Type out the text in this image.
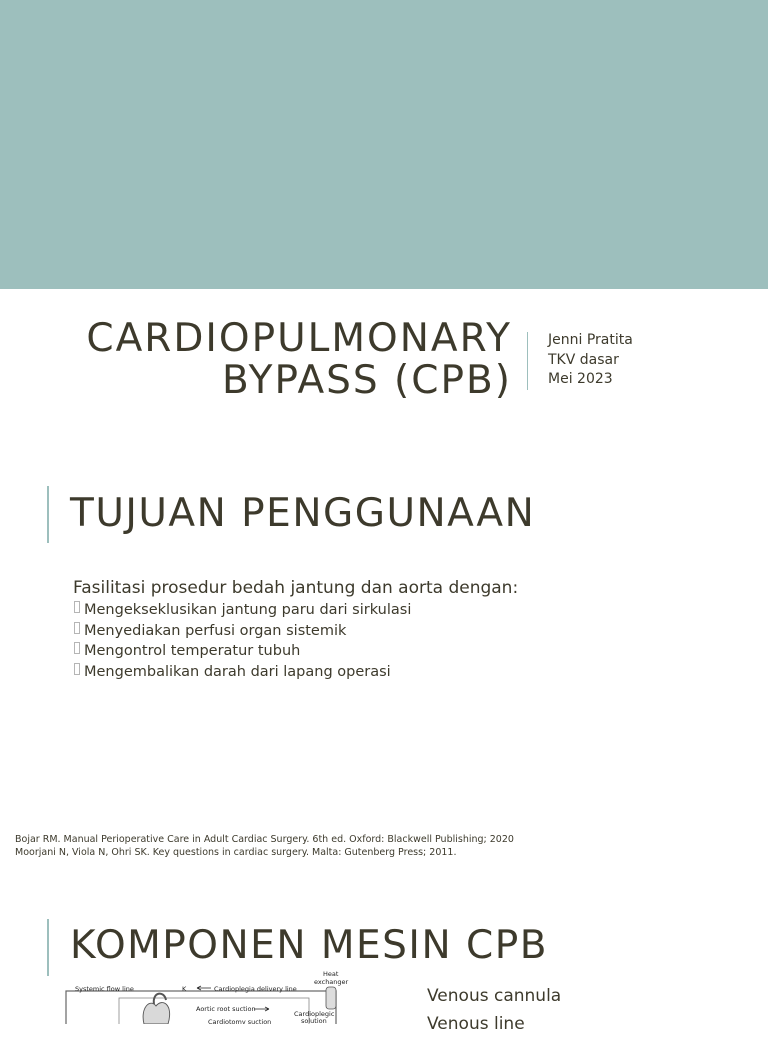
CARDIOPULMONARY
BYPASS (CPB)
Jenni Pratita
TKV dasar
Mei 2023
TUJUAN PENGGUNAAN
Fasilitasi prosedur bedah jantung dan aorta dengan:
Mengekseklusikan jantung paru dari sirkulasi
Menyediakan perfusi organ sistemik
Mengontrol temperatur tubuh
Mengembalikan darah dari lapang operasi
Bojar RM. Manual Perioperative Care in Adult Cardiac Surgery. 6th ed. Oxford: Blackwell Publishing; 2020
Moorjani N, Viola N, Ohri SK. Key questions in cardiac surgery. Malta: Gutenberg Press; 2011.
KOMPONEN MESIN CPB
Systemic flow line	K	Cardioplegia delivery line
Heat
exchanger
Aortic root suction
Cardioplegic
solution
Cardiotomy suction
Venous cannula
Venous line
